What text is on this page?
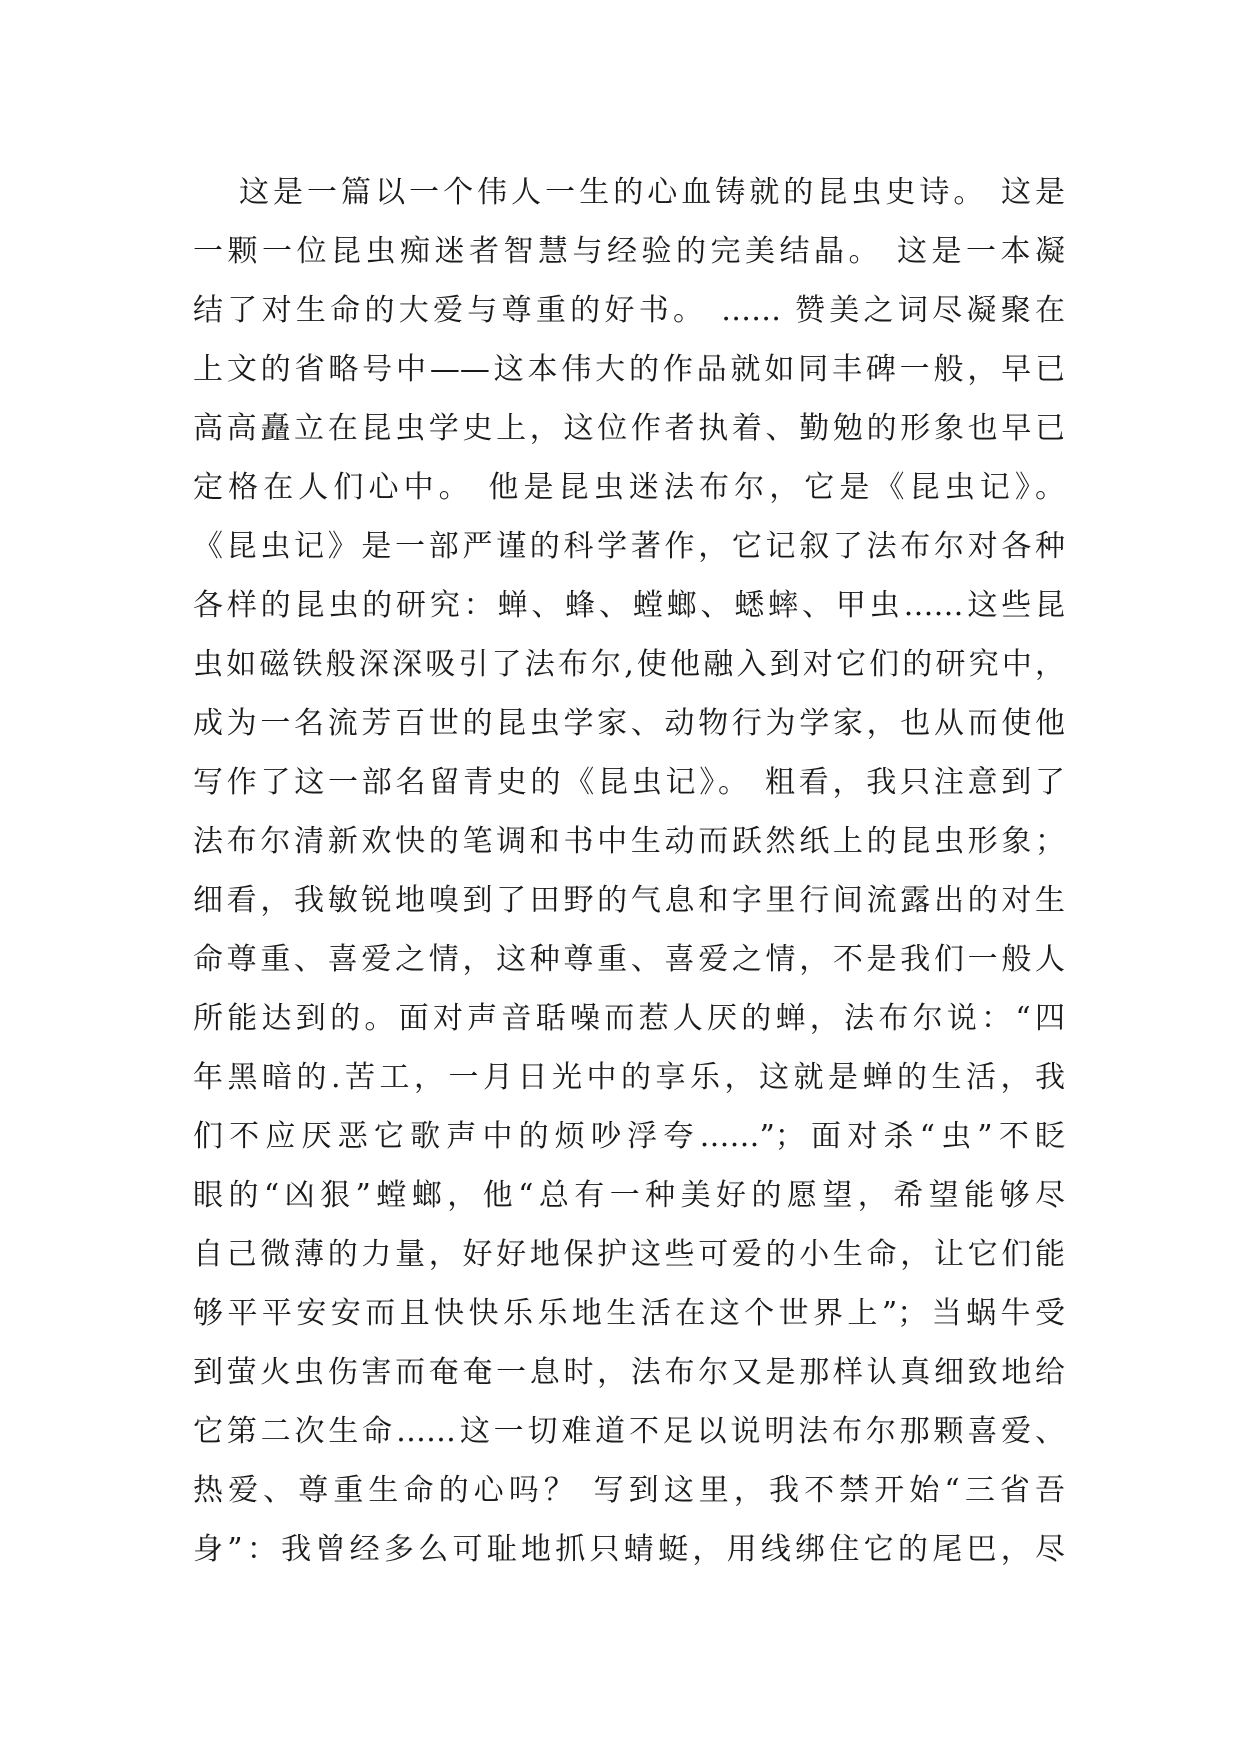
这是一篇以一个伟人一生的心血铸就的昆虫史诗。 这是
一颗一位昆虫痴迷者智慧与经验的完美结晶。 这是一本凝
结了对生命的大爱与尊重的好书。 …… 赞美之词尽凝聚在
上文的省略号中——这本伟大的作品就如同丰碑一般，早已
高高矗立在昆虫学史上，这位作者执着、勤勉的形象也早已
定格在人们心中。 他是昆虫迷法布尔，它是《昆虫记》。
《昆虫记》是一部严谨的科学著作，它记叙了法布尔对各种
各样的昆虫的研究：蝉、蜂、螳螂、蟋蟀、甲虫……这些昆
虫如磁铁般深深吸引了法布尔,使他融入到对它们的研究中，
成为一名流芳百世的昆虫学家、动物行为学家，也从而使他
写作了这一部名留青史的《昆虫记》。 粗看，我只注意到了
法布尔清新欢快的笔调和书中生动而跃然纸上的昆虫形象；
细看，我敏锐地嗅到了田野的气息和字里行间流露出的对生
命尊重、喜爱之情，这种尊重、喜爱之情，不是我们一般人
所能达到的。面对声音聒噪而惹人厌的蝉，法布尔说：“四
年黑暗的.苦工，一月日光中的享乐，这就是蝉的生活，我
们不应厌恶它歌声中的烦吵浮夸……”；面对杀“虫”不眨
眼的“凶狠”螳螂，他“总有一种美好的愿望，希望能够尽
自己微薄的力量，好好地保护这些可爱的小生命，让它们能
够平平安安而且快快乐乐地生活在这个世界上”；当蜗牛受
到萤火虫伤害而奄奄一息时，法布尔又是那样认真细致地给
它第二次生命……这一切难道不足以说明法布尔那颗喜爱、
热爱、尊重生命的心吗？ 写到这里，我不禁开始“三省吾
身”：我曾经多么可耻地抓只蜻蜓，用线绑住它的尾巴，尽
